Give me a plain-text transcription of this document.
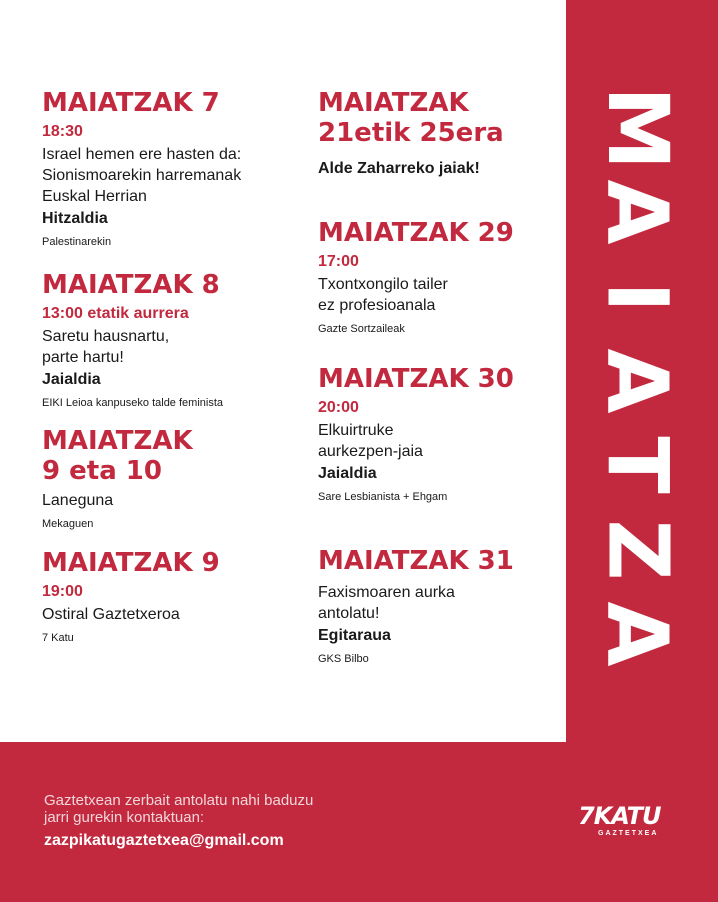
MAIATZAK 7

18:30

Israel hemen ere hasten da:

Sionismoarekin harremanak

Euskal Herrian

Hitzaldia

Palestinarekin

MAIATZAK 8

13:00 etatik aurrera

Saretu hausnartu,

parte hartu!

Jaialdia

EIKI Leioa kanpuseko talde feminista

MAIATZAK

9 eta 10

Laneguna

Mekaguen

MAIATZAK 9

19:00

Ostiral Gaztetxeroa

7 Katu

MAIATZAK

21etik 25era

Alde Zaharreko jaiak!

MAIATZAK 29

17:00

Txontxongilo tailer

ez profesioanala

Gazte Sortzaileak

MAIATZAK 30

20:00

Elkuirtruke

aurkezpen-jaia

Jaialdia

Sare Lesbianista + Ehgam

MAIATZAK 31

Faxismoaren aurka

antolatu!

Egitaraua

GKS Bilbo

M
A
I
A
T
Z
A
Gaztetxean zerbait antolatu nahi baduzu
jarri gurekin kontaktuan:
zazpikatugaztetxea@gmail.com
7KATU
GAZTETXEA
